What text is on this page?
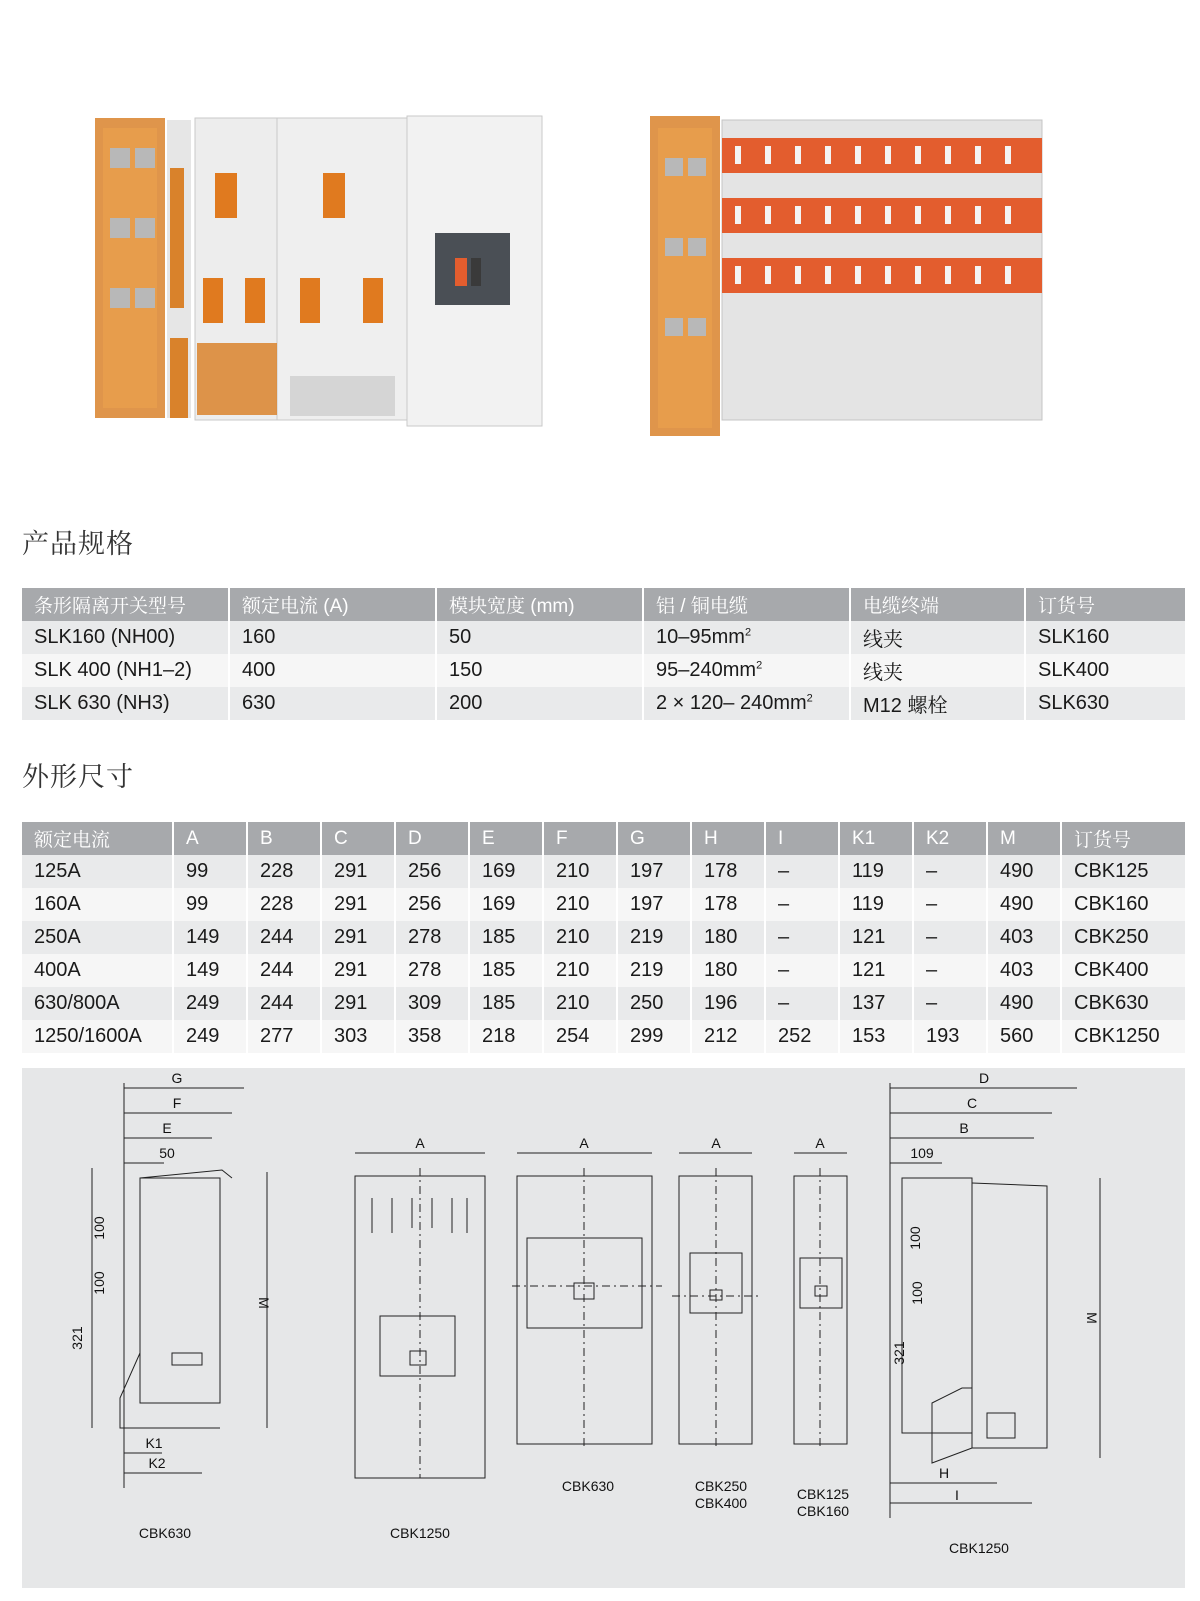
产品规格
条形隔离开关型号	额定电流 (A)	模块宽度 (mm)	铝 / 铜电缆	电缆终端	订货号
SLK160 (NH00)	160	50	$10-95mm^2$	线夹	SLK160
SLK 400 (NH1–2)	400	150	$95-240mm^2$	线夹	SLK400
SLK 630 (NH3)	630	200	2 × 120– $240mm^2$	M12 螺栓	SLK630
外形尺寸
额定电流	A	B	C	D	E	F	G	H	I	K1	K2	M	订货号
125A	99	228	291	256	169	210	197	178	–	119	–	490	CBK125
160A	99	228	291	256	169	210	197	178	–	119	–	490	CBK160
250A	149	244	291	278	185	210	219	180	–	121	–	403	CBK250
400A	149	244	291	278	185	210	219	180	–	121	–	403	CBK400
630/800A	249	244	291	309	185	210	250	196	–	137	–	490	CBK630
1250/1600A	249	277	303	358	218	254	299	212	252	153	193	560	CBK1250
G
F
E
50
100
100
321
M
K1
K2
CBK630
A
CBK1250
A
CBK630
A
CBK250
CBK400
A
CBK125
CBK160
D
C
B
109
100
100
321
M
H
I
CBK1250
